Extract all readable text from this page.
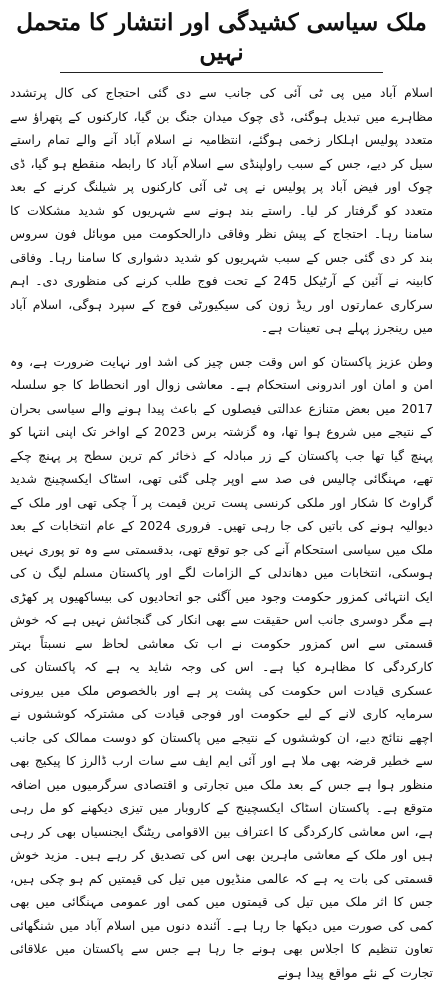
ملک سیاسی کشیدگی اور انتشار کا متحمل نہیں

اسلام آباد میں پی ٹی آئی کی جانب سے دی گئی احتجاج کی کال پرتشدد مظاہرے میں تبدیل ہوگئی، ڈی چوک میدان جنگ بن گیا، کارکنوں کے پتھراؤ سے متعدد پولیس اہلکار زخمی ہوگئے، انتظامیہ نے اسلام آباد آنے والے تمام راستے سیل کر دیے، جس کے سبب راولپنڈی سے اسلام آباد کا رابطہ منقطع ہو گیا، ڈی چوک اور فیض آباد پر پولیس نے پی ٹی آئی کارکنوں پر شیلنگ کرنے کے بعد متعدد کو گرفتار کر لیا۔ راستے بند ہونے سے شہریوں کو شدید مشکلات کا سامنا رہا۔ احتجاج کے پیش نظر وفاقی دارالحکومت میں موبائل فون سروس بند کر دی گئی جس کے سبب شہریوں کو شدید دشواری کا سامنا رہا۔ وفاقی کابینہ نے آئین کے آرٹیکل 245 کے تحت فوج طلب کرنے کی منظوری دی۔ اہم سرکاری عمارتوں اور ریڈ زون کی سیکیورٹی فوج کے سپرد ہوگی، اسلام آباد میں رینجرز پہلے ہی تعینات ہے۔

وطن عزیز پاکستان کو اس وقت جس چیز کی اشد اور نہایت ضرورت ہے، وہ امن و امان اور اندرونی استحکام ہے۔ معاشی زوال اور انحطاط کا جو سلسلہ 2017 میں بعض متنازع عدالتی فیصلوں کے باعث پیدا ہونے والے سیاسی بحران کے نتیجے میں شروع ہوا تھا، وہ گزشتہ برس 2023 کے اواخر تک اپنی انتہا کو پہنچ گیا تھا جب پاکستان کے زر مبادلہ کے ذخائر کم ترین سطح پر پہنچ چکے تھے، مہنگائی چالیس فی صد سے اوپر چلی گئی تھی، اسٹاک ایکسچینج شدید گراوٹ کا شکار اور ملکی کرنسی پست ترین قیمت پر آ چکی تھی اور ملک کے دیوالیہ ہونے کی باتیں کی جا رہی تھیں۔ فروری 2024 کے عام انتخابات کے بعد ملک میں سیاسی استحکام آنے کی جو توقع تھی، بدقسمتی سے وہ تو پوری نہیں ہوسکی، انتخابات میں دھاندلی کے الزامات لگے اور پاکستان مسلم لیگ ن کی ایک انتہائی کمزور حکومت وجود میں آگئی جو اتحادیوں کی بیساکھیوں پر کھڑی ہے مگر دوسری جانب اس حقیقت سے بھی انکار کی گنجائش نہیں ہے کہ خوش قسمتی سے اس کمزور حکومت نے اب تک معاشی لحاظ سے نسبتاً بہتر کارکردگی کا مظاہرہ کیا ہے۔ اس کی وجہ شاید یہ ہے کہ پاکستان کی عسکری قیادت اس حکومت کی پشت پر ہے اور بالخصوص ملک میں بیرونی سرمایہ کاری لانے کے لیے حکومت اور فوجی قیادت کی مشترکہ کوششوں نے اچھے نتائج دیے، ان کوششوں کے نتیجے میں پاکستان کو دوست ممالک کی جانب سے خطیر قرضہ بھی ملا ہے اور آئی ایم ایف سے سات ارب ڈالرز کا پیکیج بھی منظور ہوا ہے جس کے بعد ملک میں تجارتی و اقتصادی سرگرمیوں میں اضافہ متوقع ہے۔ پاکستان اسٹاک ایکسچینج کے کاروبار میں تیزی دیکھنے کو مل رہی ہے، اس معاشی کارکردگی کا اعتراف بین الاقوامی ریٹنگ ایجنسیاں بھی کر رہی ہیں اور ملک کے معاشی ماہرین بھی اس کی تصدیق کر رہے ہیں۔ مزید خوش قسمتی کی بات یہ ہے کہ عالمی منڈیوں میں تیل کی قیمتیں کم ہو چکی ہیں، جس کا اثر ملک میں تیل کی قیمتوں میں کمی اور عمومی مہنگائی میں بھی کمی کی صورت میں دیکھا جا رہا ہے۔ آئندہ دنوں میں اسلام آباد میں شنگھائی تعاون تنظیم کا اجلاس بھی ہونے جا رہا ہے جس سے پاکستان میں علاقائی تجارت کے نئے مواقع پیدا ہونے
